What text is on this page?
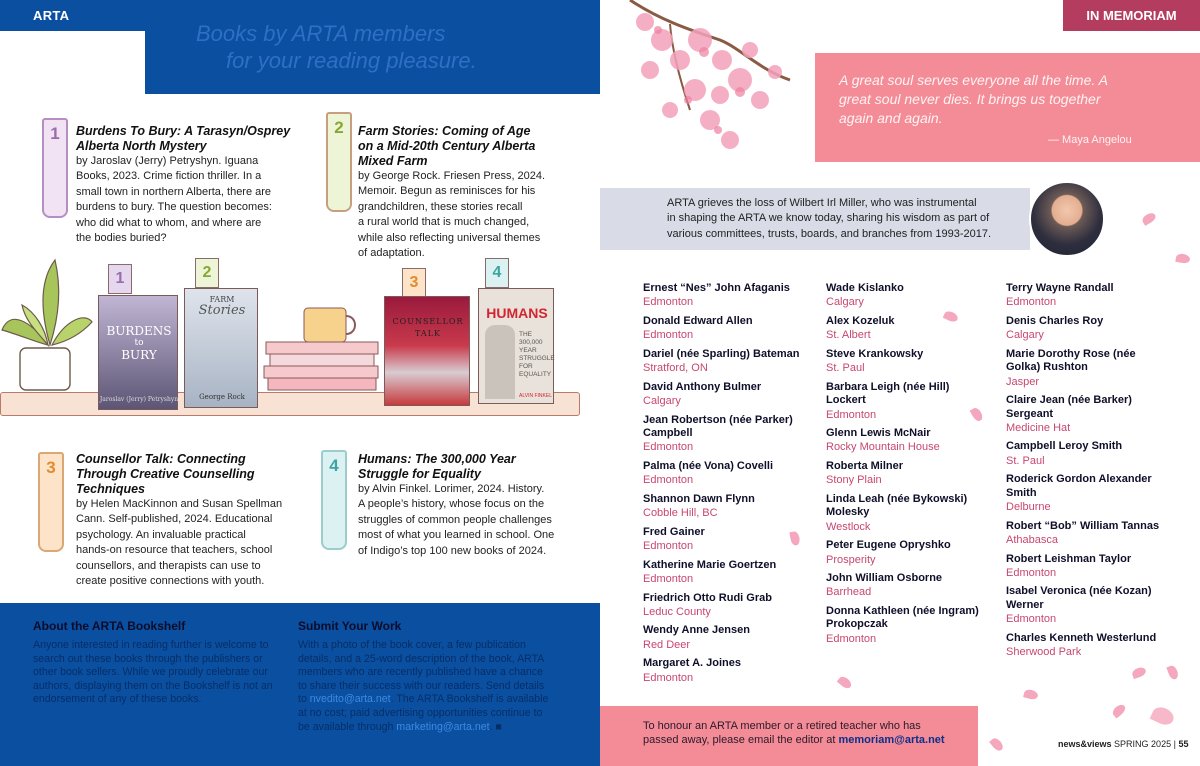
ARTA BOOKSHELF
Books by ARTA members
for your reading pleasure.
1	Burdens To Bury: A Tarasyn/Osprey
Alberta North Mystery
by Jaroslav (Jerry) Petryshyn. Iguana
Books, 2023. Crime fiction thriller. In a
small town in northern Alberta, there are
burdens to bury. The question becomes:
who did what to whom, and where are
the bodies buried?
2	Farm Stories: Coming of Age
on a Mid-20th Century Alberta
Mixed Farm
by George Rock. Friesen Press, 2024.
Memoir. Begun as reminisces for his
grandchildren, these stories recall
a rural world that is much changed,
while also reflecting universal themes
of adaptation.
1
BURDENS
to
BURY
Jaroslav (Jerry) Petryshyn
2
FARM
Stories
George Rock
3
COUNSELLOR
TALK
4
HUMANS
THE
300,000
YEAR
STRUGGLE
FOR
EQUALITY
ALVIN FINKEL
3	Counsellor Talk: Connecting
Through Creative Counselling
Techniques
by Helen MacKinnon and Susan Spellman
Cann. Self-published, 2024. Educational
psychology. An invaluable practical
hands-on resource that teachers, school
counsellors, and therapists can use to
create positive connections with youth.
4	Humans: The 300,000 Year
Struggle for Equality
by Alvin Finkel. Lorimer, 2024. History.
A people’s history, whose focus on the
struggles of common people challenges
most of what you learned in school. One
of Indigo’s top 100 new books of 2024.
About the ARTA Bookshelf
Anyone interested in reading further is welcome to
search out these books through the publishers or
other book sellers. While we proudly celebrate our
authors, displaying them on the Bookshelf is not an
endorsement of any of these books.
Submit Your Work
With a photo of the book cover, a few publication
details, and a 25-word description of the book, ARTA
members who are recently published have a chance
to share their success with our readers. Send details
to nvedito@arta.net. The ARTA Bookshelf is available
at no cost; paid advertising opportunities continue to
be available through marketing@arta.net. ■
IN MEMORIAM
A great soul serves everyone all the time. A
great soul never dies. It brings us together
again and again.
— Maya Angelou
ARTA grieves the loss of Wilbert Irl Miller, who was instrumental
in shaping the ARTA we know today, sharing his wisdom as part of
various committees, trusts, boards, and branches from 1993-2017.
Ernest “Nes” John Afaganis
Edmonton
Donald Edward Allen
Edmonton
Dariel (née Sparling) Bateman
Stratford, ON
David Anthony Bulmer
Calgary
Jean Robertson (née Parker)
Campbell
Edmonton
Palma (née Vona) Covelli
Edmonton
Shannon Dawn Flynn
Cobble Hill, BC
Fred Gainer
Edmonton
Katherine Marie Goertzen
Edmonton
Friedrich Otto Rudi Grab
Leduc County
Wendy Anne Jensen
Red Deer
Margaret A. Joines
Edmonton
Wade Kislanko
Calgary
Alex Kozeluk
St. Albert
Steve Krankowsky
St. Paul
Barbara Leigh (née Hill)
Lockert
Edmonton
Glenn Lewis McNair
Rocky Mountain House
Roberta Milner
Stony Plain
Linda Leah (née Bykowski)
Molesky
Westlock
Peter Eugene Opryshko
Prosperity
John William Osborne
Barrhead
Donna Kathleen (née Ingram)
Prokopczak
Edmonton
Terry Wayne Randall
Edmonton
Denis Charles Roy
Calgary
Marie Dorothy Rose (née
Golka) Rushton
Jasper
Claire Jean (née Barker)
Sergeant
Medicine Hat
Campbell Leroy Smith
St. Paul
Roderick Gordon Alexander
Smith
Delburne
Robert “Bob” William Tannas
Athabasca
Robert Leishman Taylor
Edmonton
Isabel Veronica (née Kozan)
Werner
Edmonton
Charles Kenneth Westerlund
Sherwood Park
To honour an ARTA member or a retired teacher who has
passed away, please email the editor at memoriam@arta.net	news&views SPRING 2025 | 55
